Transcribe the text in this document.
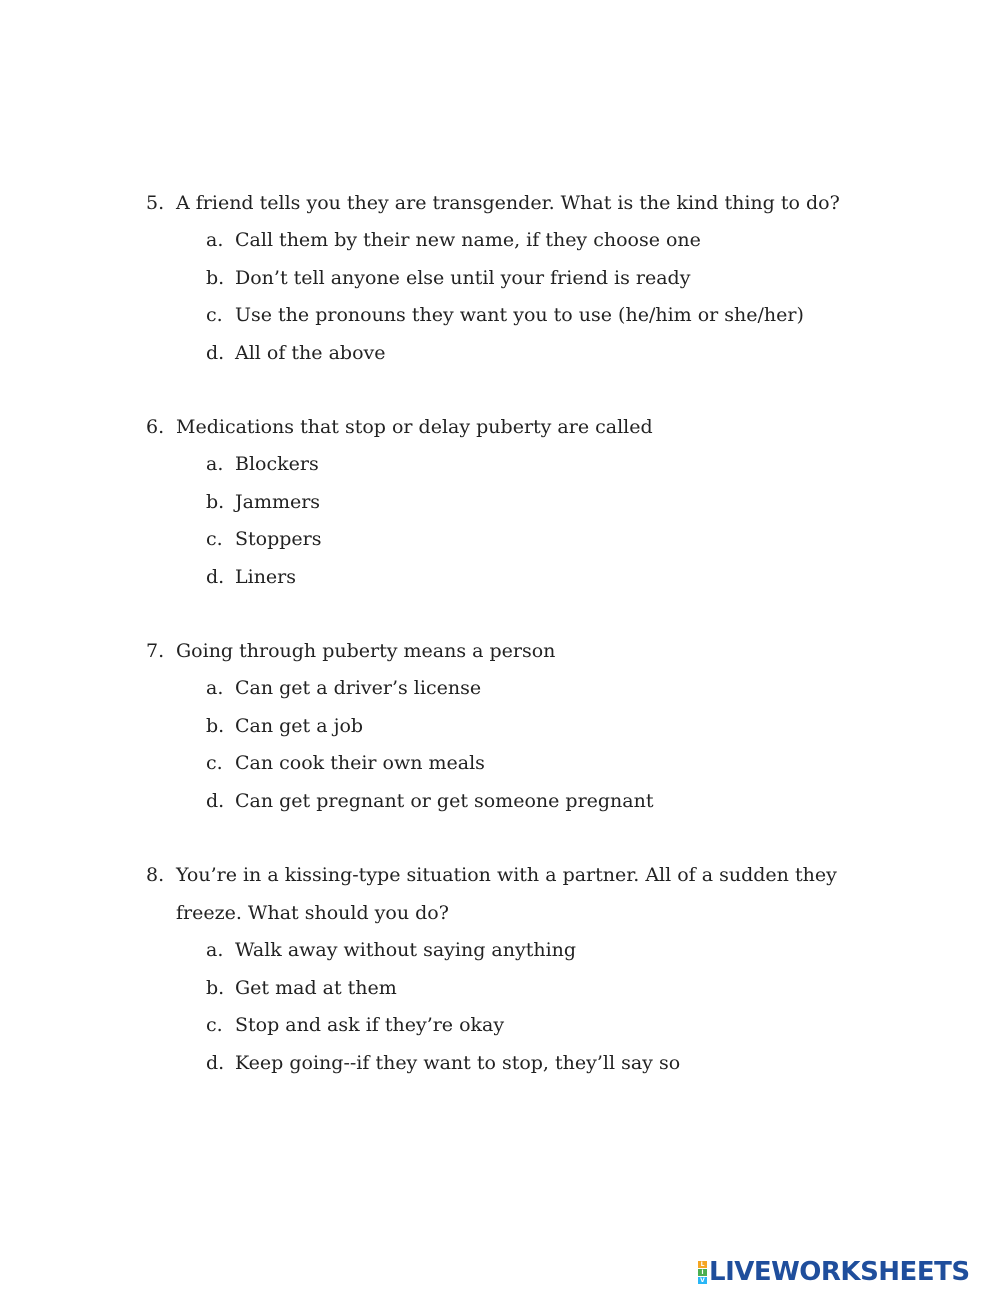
5. A friend tells you they are transgender. What is the kind thing to do?
a. Call them by their new name, if they choose one
b. Don’t tell anyone else until your friend is ready
c. Use the pronouns they want you to use (he/him or she/her)
d. All of the above
6. Medications that stop or delay puberty are called
a. Blockers
b. Jammers
c. Stoppers
d. Liners
7. Going through puberty means a person
a. Can get a driver’s license
b. Can get a job
c. Can cook their own meals
d. Can get pregnant or get someone pregnant
8. You’re in a kissing-type situation with a partner. All of a sudden they freeze. What should you do?
a. Walk away without saying anything
b. Get mad at them
c. Stop and ask if they’re okay
d. Keep going--if they want to stop, they’ll say so
L
I
V LIVEWORKSHEETS
